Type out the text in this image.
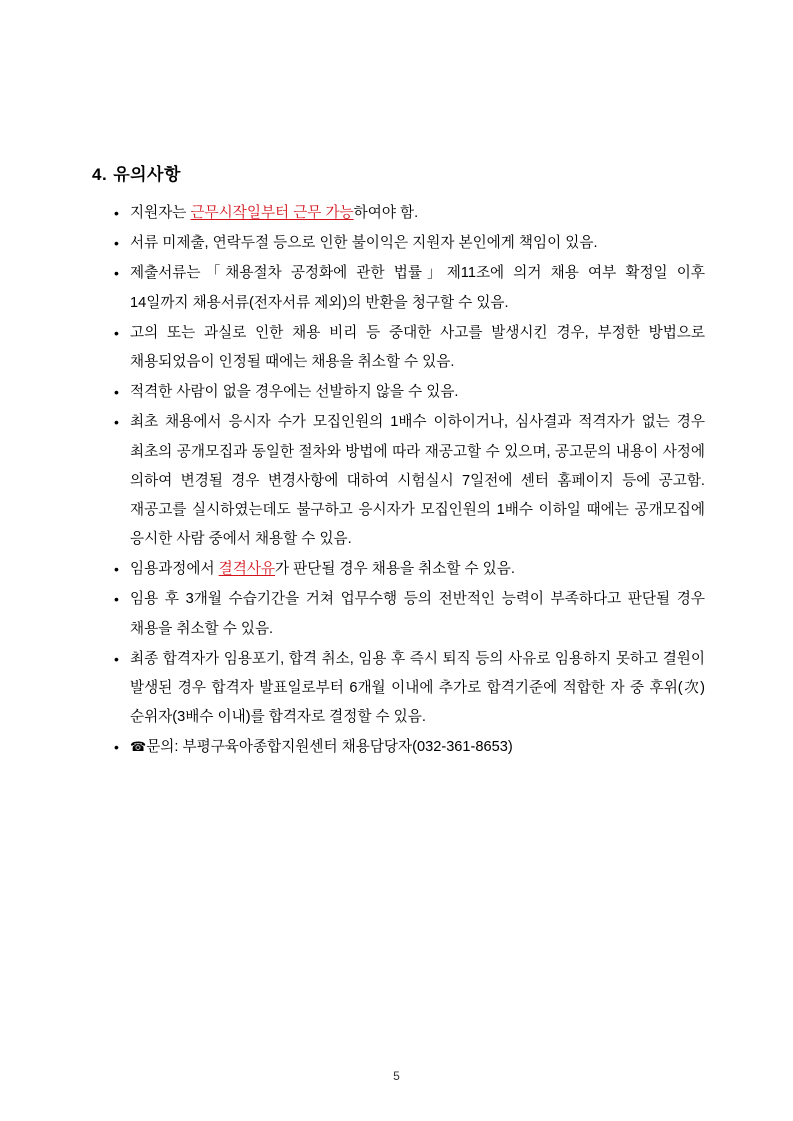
4. 유의사항
• 지원자는 근무시작일부터 근무 가능하여야 함.
• 서류 미제출, 연락두절 등으로 인한 불이익은 지원자 본인에게 책임이 있음.
• 제출서류는「채용절차 공정화에 관한 법률」제11조에 의거 채용 여부 확정일 이후 14일까지 채용서류(전자서류 제외)의 반환을 청구할 수 있음.
• 고의 또는 과실로 인한 채용 비리 등 중대한 사고를 발생시킨 경우, 부정한 방법으로 채용되었음이 인정될 때에는 채용을 취소할 수 있음.
• 적격한 사람이 없을 경우에는 선발하지 않을 수 있음.
• 최초 채용에서 응시자 수가 모집인원의 1배수 이하이거나, 심사결과 적격자가 없는 경우 최초의 공개모집과 동일한 절차와 방법에 따라 재공고할 수 있으며, 공고문의 내용이 사정에 의하여 변경될 경우 변경사항에 대하여 시험실시 7일전에 센터 홈페이지 등에 공고함. 재공고를 실시하였는데도 불구하고 응시자가 모집인원의 1배수 이하일 때에는 공개모집에 응시한 사람 중에서 채용할 수 있음.
• 임용과정에서 결격사유가 판단될 경우 채용을 취소할 수 있음.
• 임용 후 3개월 수습기간을 거쳐 업무수행 등의 전반적인 능력이 부족하다고 판단될 경우 채용을 취소할 수 있음.
• 최종 합격자가 임용포기, 합격 취소, 임용 후 즉시 퇴직 등의 사유로 임용하지 못하고 결원이 발생된 경우 합격자 발표일로부터 6개월 이내에 추가로 합격기준에 적합한 자 중 후위(次) 순위자(3배수 이내)를 합격자로 결정할 수 있음.
• ☎문의: 부평구육아종합지원센터 채용담당자(032-361-8653)
5
